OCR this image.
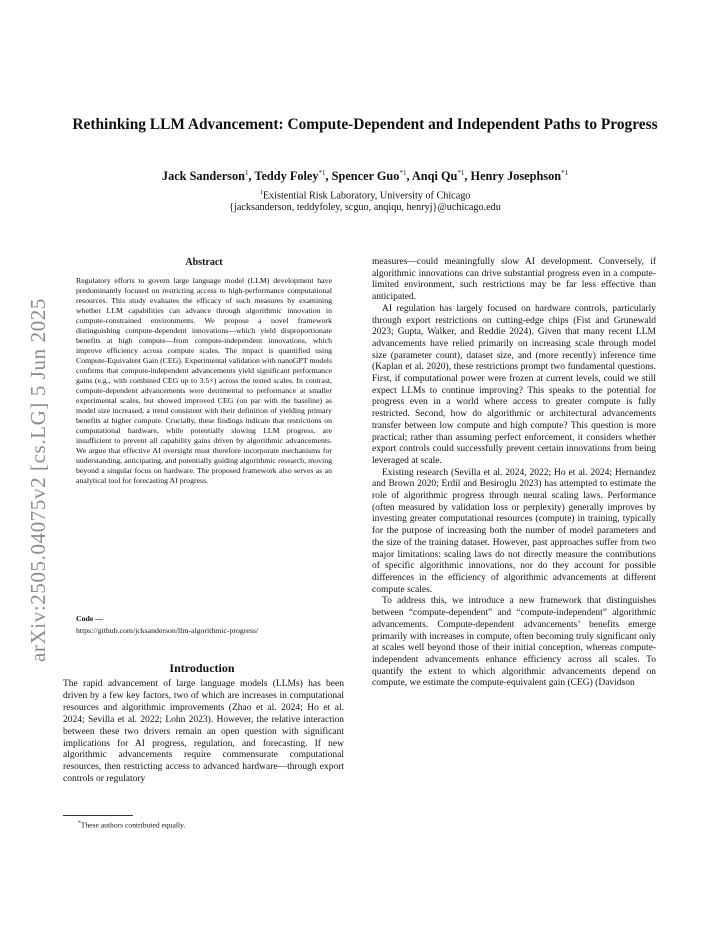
arXiv:2505.04075v2 [cs.LG] 5 Jun 2025
Rethinking LLM Advancement: Compute-Dependent and Independent Paths to Progress
Jack Sanderson$^1$, Teddy Foley$^{*1}$, Spencer Guo$^{*1}$, Anqi Qu$^{*1}$, Henry Josephson$^{*1}$
$^1$Existential Risk Laboratory, University of Chicago
{jacksanderson, teddyfoley, scguo, anqiqu, henryj}@uchicago.edu
Abstract

Regulatory efforts to govern large language model (LLM) development have predominantly focused on restricting access to high-performance computational resources. This study evaluates the efficacy of such measures by examining whether LLM capabilities can advance through algorithmic innovation in compute-constrained environments. We propose a novel framework distinguishing compute-dependent innovations—which yield disproportionate benefits at high compute—from compute-independent innovations, which improve efficiency across compute scales. The impact is quantified using Compute-Equivalent Gain (CEG). Experimental validation with nanoGPT models confirms that compute-independent advancements yield significant performance gains (e.g., with combined CEG up to 3.5×) across the tested scales. In contrast, compute-dependent advancements were detrimental to performance at smaller experimental scales, but showed improved CEG (on par with the baseline) as model size increased, a trend consistent with their definition of yielding primary benefits at higher compute. Crucially, these findings indicate that restrictions on computational hardware, while potentially slowing LLM progress, are insufficient to prevent all capability gains driven by algorithmic advancements. We argue that effective AI oversight must therefore incorporate mechanisms for understanding, anticipating, and potentially guiding algorithmic research, moving beyond a singular focus on hardware. The proposed framework also serves as an analytical tool for forecasting AI progress.

Code —
https://github.com/jcksanderson/llm-algorithmic-progress/
Introduction

The rapid advancement of large language models (LLMs) has been driven by a few key factors, two of which are increases in computational resources and algorithmic improvements (Zhao et al. 2024; Ho et al. 2024; Sevilla et al. 2022; Lohn 2023). However, the relative interaction between these two drivers remain an open question with significant implications for AI progress, regulation, and forecasting. If new algorithmic advancements require commensurate computational resources, then restricting access to advanced hardware—through export controls or regulatory

*These authors contributed equally.

measures—could meaningfully slow AI development. Conversely, if algorithmic innovations can drive substantial progress even in a compute-limited environment, such restrictions may be far less effective than anticipated.

AI regulation has largely focused on hardware controls, particularly through export restrictions on cutting-edge chips (Fist and Grunewald 2023; Gupta, Walker, and Reddie 2024). Given that many recent LLM advancements have relied primarily on increasing scale through model size (parameter count), dataset size, and (more recently) inference time (Kaplan et al. 2020), these restrictions prompt two fundamental questions. First, if computational power were frozen at current levels, could we still expect LLMs to continue improving? This speaks to the potential for progress even in a world where access to greater compute is fully restricted. Second, how do algorithmic or architectural advancements transfer between low compute and high compute? This question is more practical; rather than assuming perfect enforcement, it considers whether export controls could successfully prevent certain innovations from being leveraged at scale.

Existing research (Sevilla et al. 2024, 2022; Ho et al. 2024; Hernandez and Brown 2020; Erdil and Besiroglu 2023) has attempted to estimate the role of algorithmic progress through neural scaling laws. Performance (often measured by validation loss or perplexity) generally improves by investing greater computational resources (compute) in training, typically for the purpose of increasing both the number of model parameters and the size of the training dataset. However, past approaches suffer from two major limitations: scaling laws do not directly measure the contributions of specific algorithmic innovations, nor do they account for possible differences in the efficiency of algorithmic advancements at different compute scales.

To address this, we introduce a new framework that distinguishes between “compute-dependent” and “compute-independent” algorithmic advancements. Compute-dependent advancements’ benefits emerge primarily with increases in compute, often becoming truly significant only at scales well beyond those of their initial conception, whereas compute-independent advancements enhance efficiency across all scales. To quantify the extent to which algorithmic advancements depend on compute, we estimate the compute-equivalent gain (CEG) (Davidson
